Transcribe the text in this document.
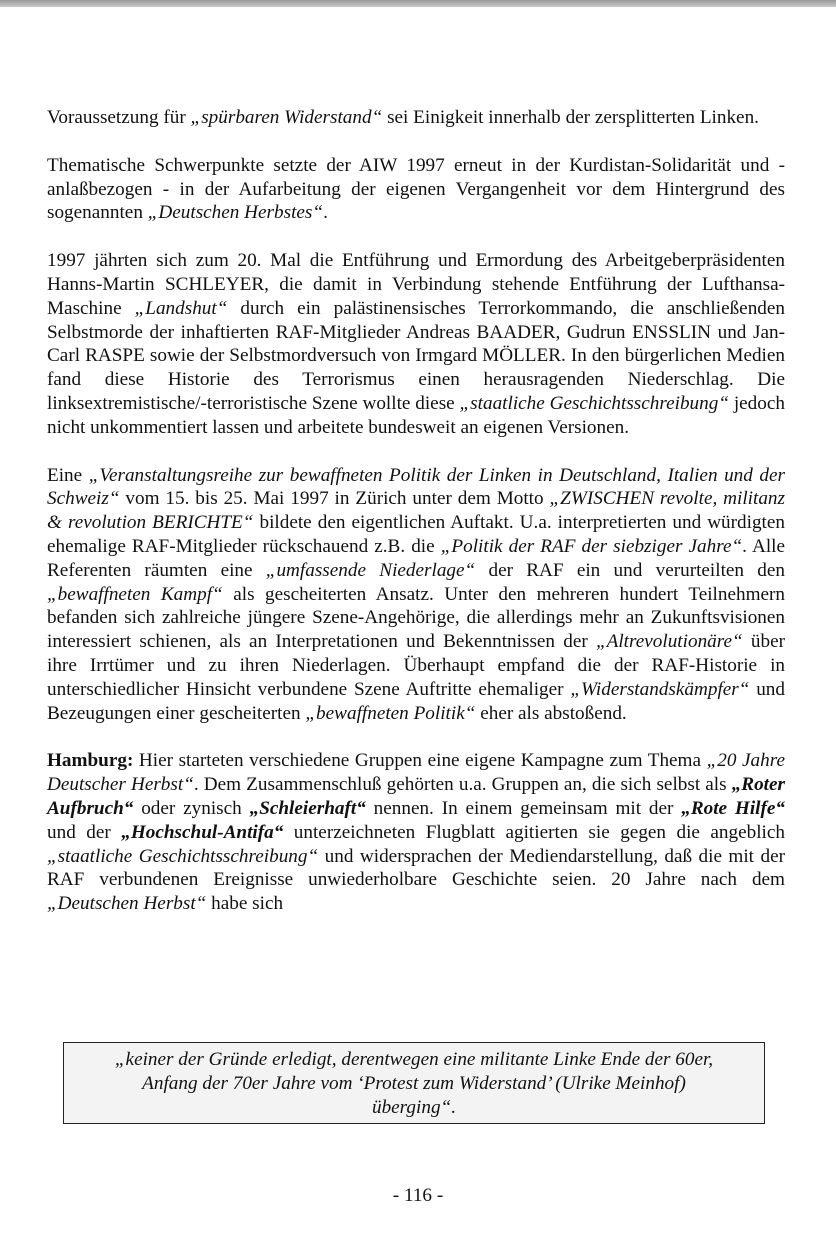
Voraussetzung für „spürbaren Widerstand“ sei Einigkeit innerhalb der zersplitterten Linken.

Thematische Schwerpunkte setzte der AIW 1997 erneut in der Kurdistan-Solidarität und - anlaßbezogen - in der Aufarbeitung der eigenen Vergangenheit vor dem Hintergrund des sogenannten „Deutschen Herbstes“.

1997 jährten sich zum 20. Mal die Entführung und Ermordung des Arbeitgeberpräsidenten Hanns-Martin SCHLEYER, die damit in Verbindung stehende Entführung der Lufthansa-Maschine „Landshut“ durch ein palästinensisches Terrorkommando, die anschließenden Selbstmorde der inhaftierten RAF-Mitglieder Andreas BAADER, Gudrun ENSSLIN und Jan-Carl RASPE sowie der Selbstmordversuch von Irmgard MÖLLER. In den bürgerlichen Medien fand diese Historie des Terrorismus einen herausragenden Niederschlag. Die linksextremistische/-terroristische Szene wollte diese „staatliche Geschichtsschreibung“ jedoch nicht unkommentiert lassen und arbeitete bundesweit an eigenen Versionen.

Eine „Veranstaltungsreihe zur bewaffneten Politik der Linken in Deutschland, Italien und der Schweiz“ vom 15. bis 25. Mai 1997 in Zürich unter dem Motto „ZWISCHEN revolte, militanz & revolution BERICHTE“ bildete den eigentlichen Auftakt. U.a. interpretierten und würdigten ehemalige RAF-Mitglieder rückschauend z.B. die „Politik der RAF der siebziger Jahre“. Alle Referenten räumten eine „umfassende Niederlage“ der RAF ein und verurteilten den „bewaffneten Kampf“ als gescheiterten Ansatz. Unter den mehreren hundert Teilnehmern befanden sich zahlreiche jüngere Szene-Angehörige, die allerdings mehr an Zukunftsvisionen interessiert schienen, als an Interpretationen und Bekenntnissen der „Altrevolutionäre“ über ihre Irrtümer und zu ihren Niederlagen. Überhaupt empfand die der RAF-Historie in unterschiedlicher Hinsicht verbundene Szene Auftritte ehemaliger „Widerstandskämpfer“ und Bezeugungen einer gescheiterten „bewaffneten Politik“ eher als abstoßend.

Hamburg: Hier starteten verschiedene Gruppen eine eigene Kampagne zum Thema „20 Jahre Deutscher Herbst“. Dem Zusammenschluß gehörten u.a. Gruppen an, die sich selbst als „Roter Aufbruch“ oder zynisch „Schleierhaft“ nennen. In einem gemeinsam mit der „Rote Hilfe“ und der „Hochschul-Antifa“ unterzeichneten Flugblatt agitierten sie gegen die angeblich „staatliche Geschichtsschreibung“ und widersprachen der Mediendarstellung, daß die mit der RAF verbundenen Ereignisse unwiederholbare Geschichte seien. 20 Jahre nach dem „Deutschen Herbst“ habe sich

„keiner der Gründe erledigt, derentwegen eine militante Linke Ende der 60er,

Anfang der 70er Jahre vom ‘Protest zum Widerstand’ (Ulrike Meinhof)

überging“.

- 116 -
